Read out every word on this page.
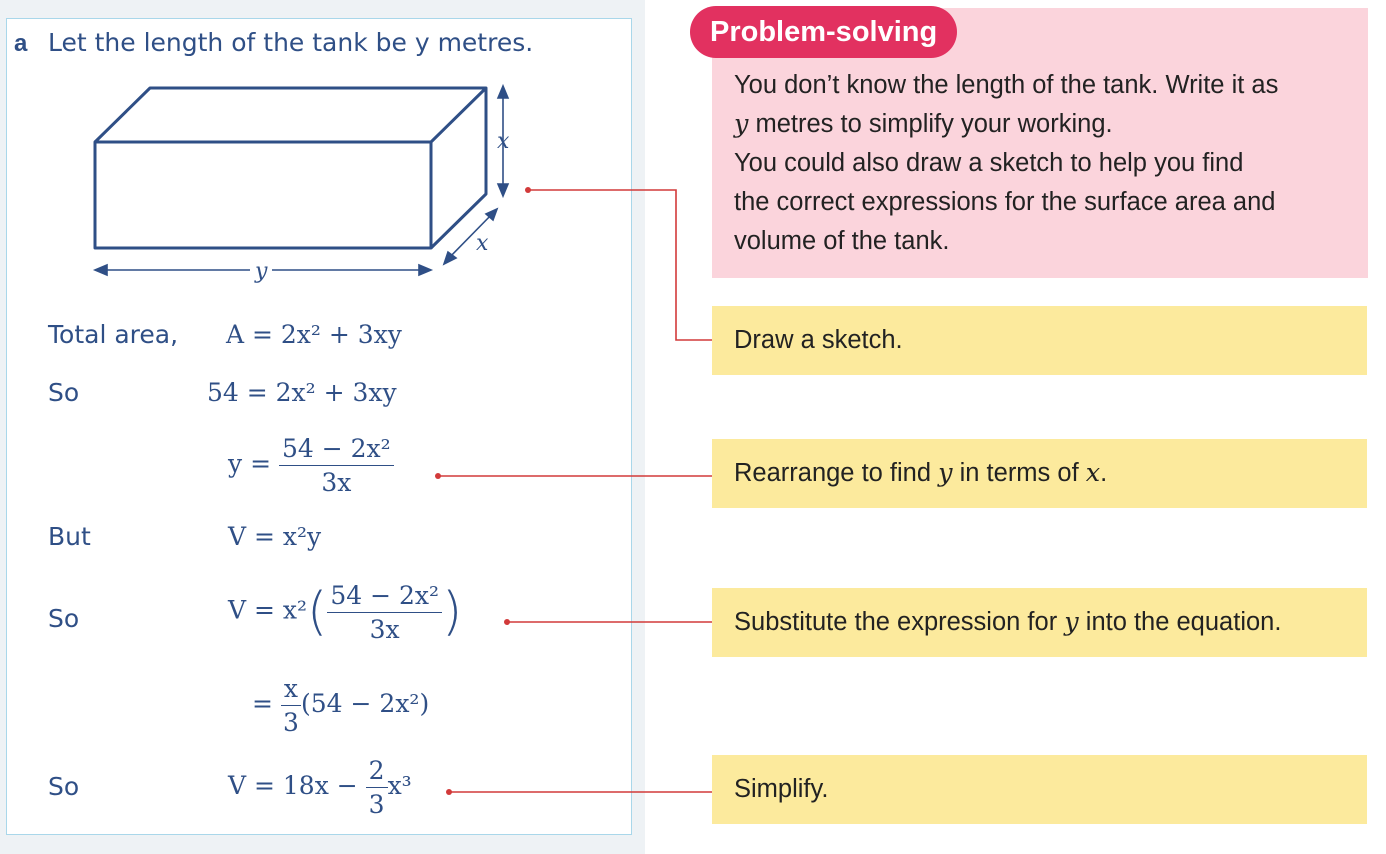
a Let the length of the tank be y metres.
x
x
y
Total area, A = 2x² + 3xy
So	54 = 2x² + 3xy
$y = \frac{\text{54 − 2x²}}{3x}$
But	V = x²y
So	$V = x^2( \frac{\text{54 − 2x²}}{3x}$ )
= $\frac{x}{3} (54 - 2x^2)$
So	$V = 18x - \frac{2}{3} x^3$
Problem-solving

You don’t know the length of the tank. Write it as

y metres to simplify your working.

You could also draw a sketch to help you find

the correct expressions for the surface area and

volume of the tank.

Draw a sketch.
Rearrange to find y in terms of x.
Substitute the expression for y into the equation.
Simplify.
